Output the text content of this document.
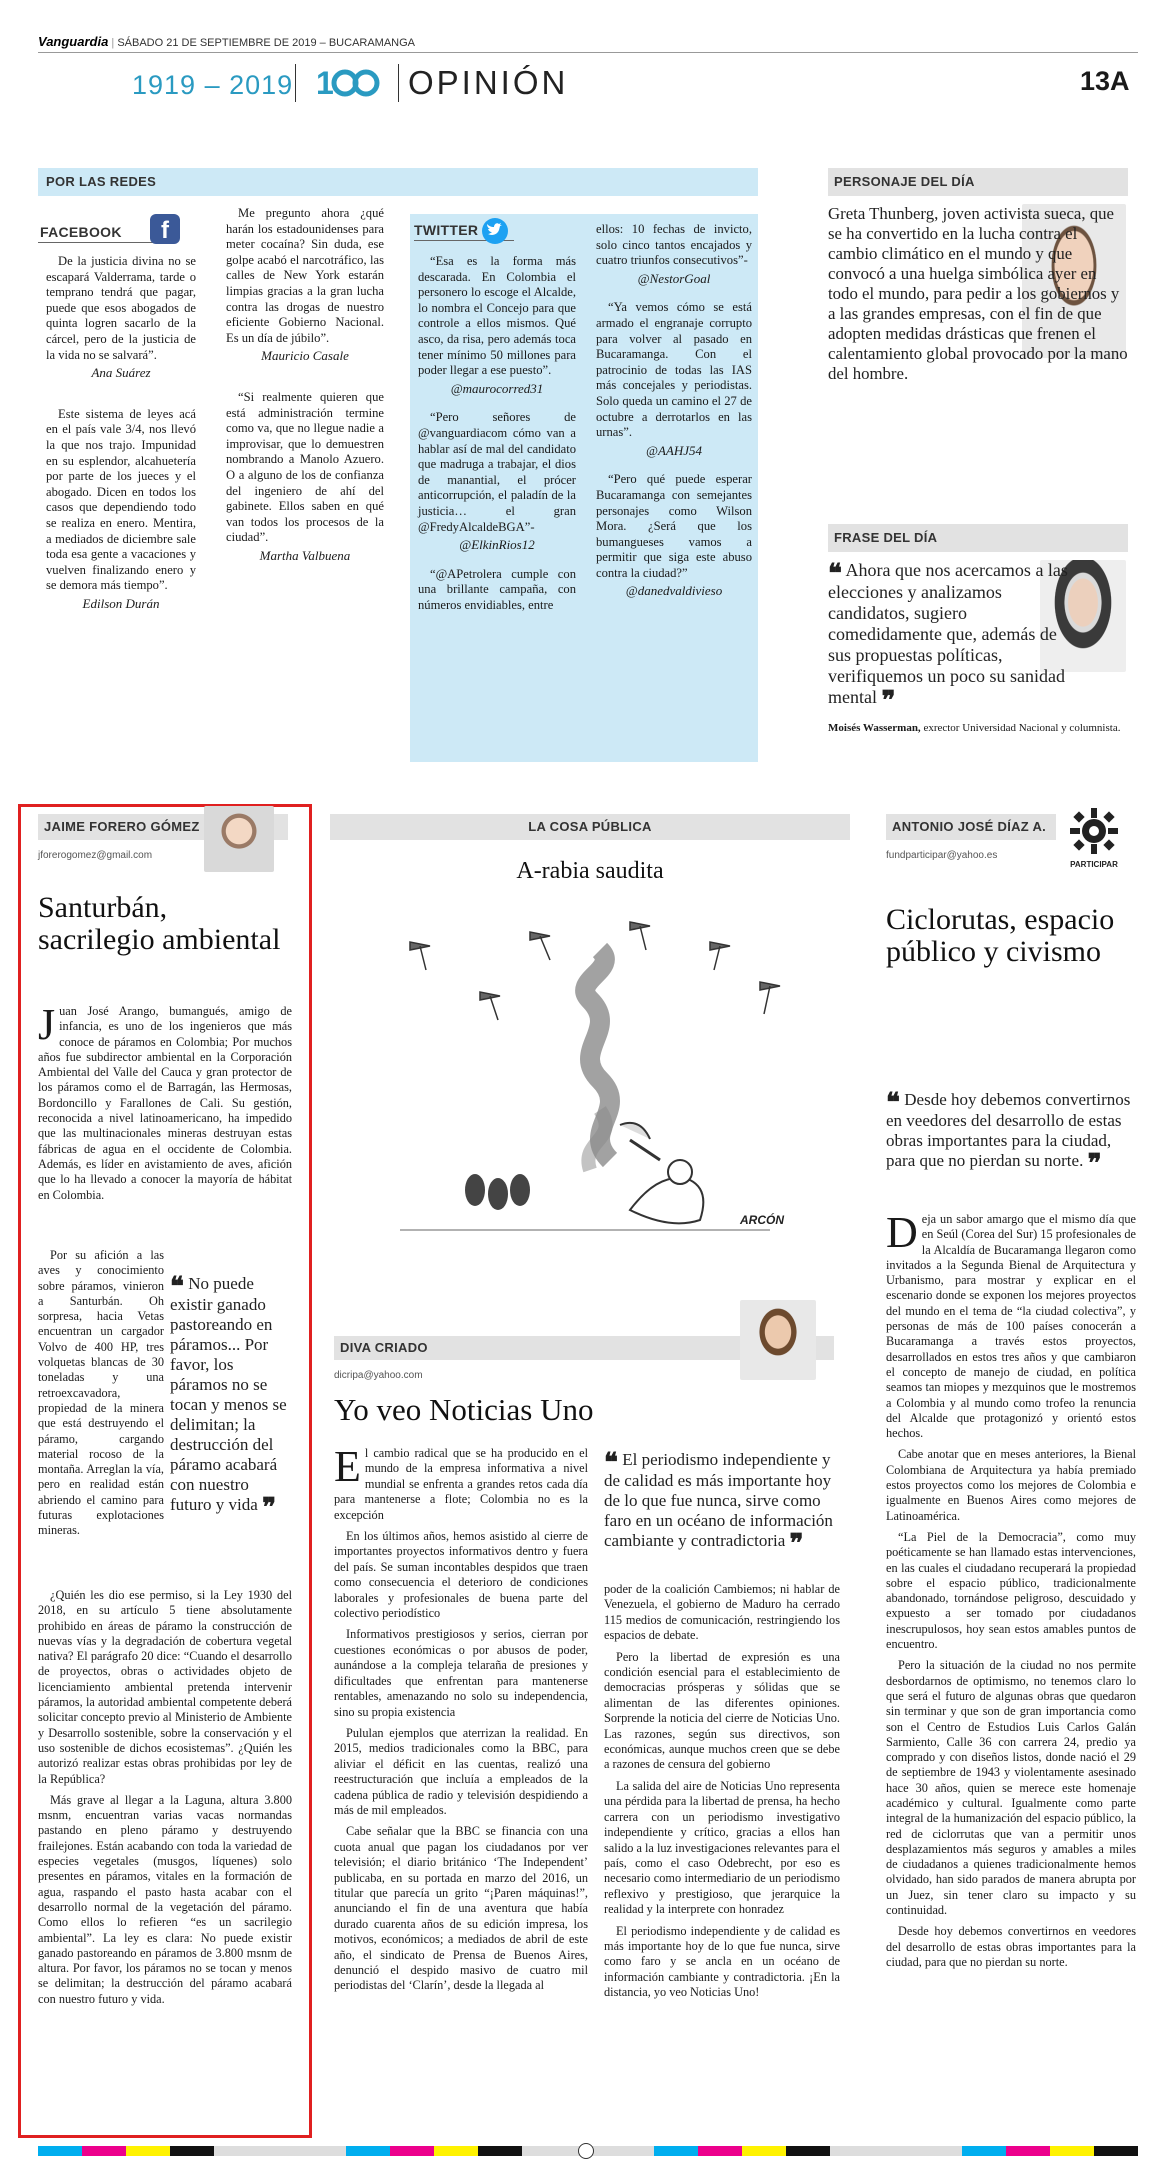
Vanguardia | SÁBADO 21 DE SEPTIEMBRE DE 2019 – BUCARAMANGA
1919 – 2019 1 OPINIÓN	13A
POR LAS REDES
FACEBOOK	f

De la justicia divina no se escapará Valderrama, tarde o temprano tendrá que pagar, puede que esos abogados de quinta logren sacarlo de la cárcel, pero de la justicia de la vida no se salvará”.

Ana Suárez

Este sistema de leyes acá en el país vale 3/4, nos llevó la que nos trajo. Impunidad en su esplendor, alcahuetería por parte de los jueces y el abogado. Dicen en todos los casos que dependiendo todo se realiza en enero. Mentira, a mediados de diciembre sale toda esa gente a vacaciones y vuelven finalizando enero y se demora más tiempo”.

Edilson Durán

Me pregunto ahora ¿qué harán los estadounidenses para meter cocaína? Sin duda, ese golpe acabó el narcotráfico, las calles de New York estarán limpias gracias a la gran lucha contra las drogas de nuestro eficiente Gobierno Nacional. Es un día de júbilo”.

Mauricio Casale

“Si realmente quieren que está administración termine como va, que no llegue nadie a improvisar, que lo demuestren nombrando a Manolo Azuero. O a alguno de los de confianza del ingeniero de ahí del gabinete. Ellos saben en qué van todos los procesos de la ciudad”.

Martha Valbuena
TWITTER

“Esa es la forma más descarada. En Colombia el personero lo escoge el Alcalde, lo nombra el Concejo para que controle a ellos mismos. Qué asco, da risa, pero además toca tener mínimo 50 millones para poder llegar a ese puesto”.

@maurocorred31

“Pero señores de @vanguardiacom cómo van a hablar así de mal del candidato que madruga a trabajar, el dios de manantial, el prócer anticorrupción, el paladín de la justicia… el gran @FredyAlcaldeBGA”-

@ElkinRios12

“@APetrolera cumple con una brillante campaña, con números envidiables, entre

ellos: 10 fechas de invicto, solo cinco tantos encajados y cuatro triunfos consecutivos”-

@NestorGoal

“Ya vemos cómo se está armado el engranaje corrupto para volver al pasado en Bucaramanga. Con el patrocinio de todas las IAS más concejales y periodistas. Solo queda un camino el 27 de octubre a derrotarlos en las urnas”.

@AAHJ54

“Pero qué puede esperar Bucaramanga con semejantes personajes como Wilson Mora. ¿Será que los bumangueses vamos a permitir que siga este abuso contra la ciudad?”

@danedvaldivieso
PERSONAJE DEL DÍA
Greta Thunberg, joven activista sueca, que se ha convertido en la lucha contra el cambio climático en el mundo y que convocó a una huelga simbólica ayer en todo el mundo, para pedir a los gobiernos y a las grandes empresas, con el fin de que adopten medidas drásticas que frenen el calentamiento global provocado por la mano del hombre.
FRASE DEL DÍA
❝ Ahora que nos acercamos a las elecciones y analizamos candidatos, sugiero comedidamente que, además de sus propuestas políticas, verifiquemos un poco su sanidad mental ❞
Moisés Wasserman, exrector Universidad Nacional y columnista.
JAIME FORERO GÓMEZ
jforerogomez@gmail.com
Santurbán, sacrilegio ambiental

J uan José Arango, bumangués, amigo de infancia, es uno de los ingenieros que más conoce de páramos en Colombia; Por muchos años fue subdirector ambiental en la Corporación Ambiental del Valle del Cauca y gran protector de los páramos como el de Barragán, las Hermosas, Bordoncillo y Farallones de Cali. Su gestión, reconocida a nivel latinoamericano, ha impedido que las multinacionales mineras destruyan estas fábricas de agua en el occidente de Colombia. Además, es líder en avistamiento de aves, afición que lo ha llevado a conocer la mayoría de hábitat en Colombia.

Por su afición a las aves y conocimiento sobre páramos, vinieron a Santurbán. Oh sorpresa, hacia Vetas encuentran un cargador Volvo de 400 HP, tres volquetas blancas de 30 toneladas y una retroexcavadora, propiedad de la minera que está destruyendo el páramo, cargando material rocoso de la montaña. Arreglan la vía, pero en realidad están abriendo el camino para futuras explotaciones mineras.

❝ No puede existir ganado pastoreando en páramos... Por favor, los páramos no se tocan y menos se delimitan; la destrucción del páramo acabará con nuestro futuro y vida ❞

¿Quién les dio ese permiso, si la Ley 1930 del 2018, en su artículo 5 tiene absolutamente prohibido en áreas de páramo la construcción de nuevas vías y la degradación de cobertura vegetal nativa? El parágrafo 20 dice: “Cuando el desarrollo de proyectos, obras o actividades objeto de licenciamiento ambiental pretenda intervenir páramos, la autoridad ambiental competente deberá solicitar concepto previo al Ministerio de Ambiente y Desarrollo sostenible, sobre la conservación y el uso sostenible de dichos ecosistemas”. ¿Quién les autorizó realizar estas obras prohibidas por ley de la República?

Más grave al llegar a la Laguna, altura 3.800 msnm, encuentran varias vacas normandas pastando en pleno páramo y destruyendo frailejones. Están acabando con toda la variedad de especies vegetales (musgos, líquenes) solo presentes en páramos, vitales en la formación de agua, raspando el pasto hasta acabar con el desarrollo normal de la vegetación del páramo. Como ellos lo refieren “es un sacrilegio ambiental”. La ley es clara: No puede existir ganado pastoreando en páramos de 3.800 msnm de altura. Por favor, los páramos no se tocan y menos se delimitan; la destrucción del páramo acabará con nuestro futuro y vida.

LA COSA PÚBLICA
A-rabia saudita
ARCÓN
DIVA CRIADO
dicripa@yahoo.com
Yo veo Noticias Uno

E l cambio radical que se ha producido en el mundo de la empresa informativa a nivel mundial se enfrenta a grandes retos cada día para mantenerse a flote; Colombia no es la excepción

En los últimos años, hemos asistido al cierre de importantes proyectos informativos dentro y fuera del país. Se suman incontables despidos que traen como consecuencia el deterioro de condiciones laborales y profesionales de buena parte del colectivo periodístico

Informativos prestigiosos y serios, cierran por cuestiones económicas o por abusos de poder, aunándose a la compleja telaraña de presiones y dificultades que enfrentan para mantenerse rentables, amenazando no solo su independencia, sino su propia existencia

Pululan ejemplos que aterrizan la realidad. En 2015, medios tradicionales como la BBC, para aliviar el déficit en las cuentas, realizó una reestructuración que incluía a empleados de la cadena pública de radio y televisión despidiendo a más de mil empleados.

Cabe señalar que la BBC se financia con una cuota anual que pagan los ciudadanos por ver televisión; el diario británico ‘The Independent’ publicaba, en su portada en marzo del 2016, un titular que parecía un grito “¡Paren máquinas!”, anunciando el fin de una aventura que había durado cuarenta años de su edición impresa, los motivos, económicos; a mediados de abril de este año, el sindicato de Prensa de Buenos Aires, denunció el despido masivo de cuatro mil periodistas del ‘Clarín’, desde la llegada al

❝ El periodismo independiente y de calidad es más importante hoy de lo que fue nunca, sirve como faro en un océano de información cambiante y contradictoria ❞

poder de la coalición Cambiemos; ni hablar de Venezuela, el gobierno de Maduro ha cerrado 115 medios de comunicación, restringiendo los espacios de debate.

Pero la libertad de expresión es una condición esencial para el establecimiento de democracias prósperas y sólidas que se alimentan de las diferentes opiniones. Sorprende la noticia del cierre de Noticias Uno. Las razones, según sus directivos, son económicas, aunque muchos creen que se debe a razones de censura del gobierno

La salida del aire de Noticias Uno representa una pérdida para la libertad de prensa, ha hecho carrera con un periodismo investigativo independiente y crítico, gracias a ellos han salido a la luz investigaciones relevantes para el país, como el caso Odebrecht, por eso es necesario como intermediario de un periodismo reflexivo y prestigioso, que jerarquice la realidad y la interprete con honradez

El periodismo independiente y de calidad es más importante hoy de lo que fue nunca, sirve como faro y se ancla en un océano de información cambiante y contradictoria. ¡En la distancia, yo veo Noticias Uno!

ANTONIO JOSÉ DÍAZ A.
PARTICIPAR
fundparticipar@yahoo.es
Ciclorutas, espacio público y civismo
❝ Desde hoy debemos convertirnos en veedores del desarrollo de estas obras importantes para la ciudad, para que no pierdan su norte. ❞

D eja un sabor amargo que el mismo día que en Seúl (Corea del Sur) 15 profesionales de la Alcaldía de Bucaramanga llegaron como invitados a la Segunda Bienal de Arquitectura y Urbanismo, para mostrar y explicar en el escenario donde se exponen los mejores proyectos del mundo en el tema de “la ciudad colectiva”, y personas de más de 100 países conocerán a Bucaramanga a través estos proyectos, desarrollados en estos tres años y que cambiaron el concepto de manejo de ciudad, en política seamos tan miopes y mezquinos que le mostremos a Colombia y al mundo como trofeo la renuncia del Alcalde que protagonizó y orientó estos hechos.

Cabe anotar que en meses anteriores, la Bienal Colombiana de Arquitectura ya había premiado estos proyectos como los mejores de Colombia e igualmente en Buenos Aires como mejores de Latinoamérica.

“La Piel de la Democracia”, como muy poéticamente se han llamado estas intervenciones, en las cuales el ciudadano recuperará la propiedad sobre el espacio público, tradicionalmente abandonado, tornándose peligroso, descuidado y expuesto a ser tomado por ciudadanos inescrupulosos, hoy sean estos amables puntos de encuentro.

Pero la situación de la ciudad no nos permite desbordarnos de optimismo, no tenemos claro lo que será el futuro de algunas obras que quedaron sin terminar y que son de gran importancia como son el Centro de Estudios Luis Carlos Galán Sarmiento, Calle 36 con carrera 24, predio ya comprado y con diseños listos, donde nació el 29 de septiembre de 1943 y violentamente asesinado hace 30 años, quien se merece este homenaje académico y cultural. Igualmente como parte integral de la humanización del espacio público, la red de ciclorrutas que van a permitir unos desplazamientos más seguros y amables a miles de ciudadanos a quienes tradicionalmente hemos olvidado, han sido parados de manera abrupta por un Juez, sin tener claro su impacto y su continuidad.

Desde hoy debemos convertirnos en veedores del desarrollo de estas obras importantes para la ciudad, para que no pierdan su norte.
